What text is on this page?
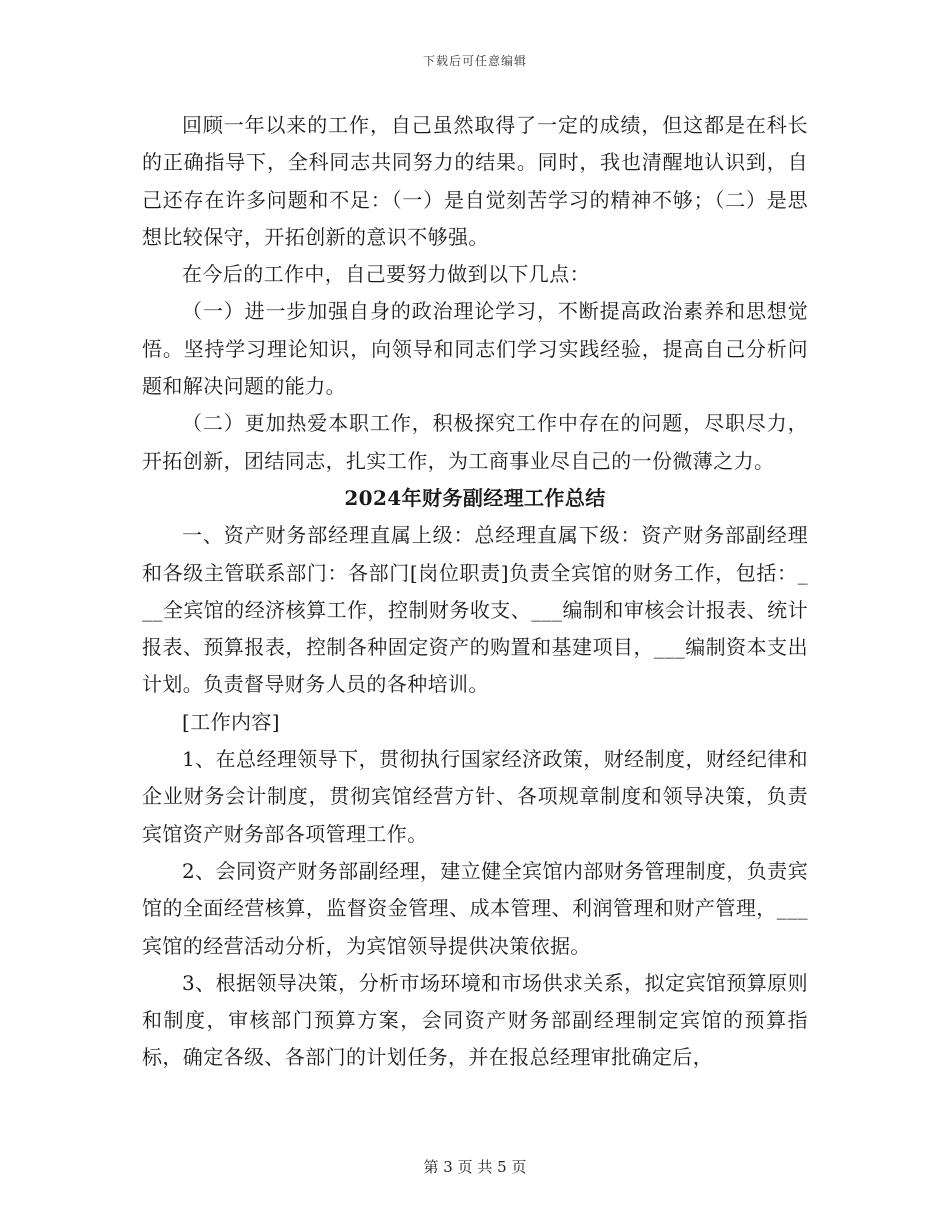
下载后可任意编辑

回顾一年以来的工作，自己虽然取得了一定的成绩，但这都是在科长的正确指导下，全科同志共同努力的结果。同时，我也清醒地认识到，自己还存在许多问题和不足：（一）是自觉刻苦学习的精神不够；（二）是思想比较保守，开拓创新的意识不够强。

在今后的工作中，自己要努力做到以下几点：

（一）进一步加强自身的政治理论学习，不断提高政治素养和思想觉悟。坚持学习理论知识，向领导和同志们学习实践经验，提高自己分析问题和解决问题的能力。

（二）更加热爱本职工作，积极探究工作中存在的问题，尽职尽力，开拓创新，团结同志，扎实工作，为工商事业尽自己的一份微薄之力。

2024年财务副经理工作总结

一、资产财务部经理直属上级：总经理直属下级：资产财务部副经理和各级主管联系部门：各部门[岗位职责]负责全宾馆的财务工作，包括：___全宾馆的经济核算工作，控制财务收支、___编制和审核会计报表、统计报表、预算报表，控制各种固定资产的购置和基建项目，___编制资本支出计划。负责督导财务人员的各种培训。

[工作内容]

1、在总经理领导下，贯彻执行国家经济政策，财经制度，财经纪律和企业财务会计制度，贯彻宾馆经营方针、各项规章制度和领导决策，负责宾馆资产财务部各项管理工作。

2、会同资产财务部副经理，建立健全宾馆内部财务管理制度，负责宾馆的全面经营核算，监督资金管理、成本管理、利润管理和财产管理，___宾馆的经营活动分析，为宾馆领导提供决策依据。

3、根据领导决策，分析市场环境和市场供求关系，拟定宾馆预算原则和制度，审核部门预算方案，会同资产财务部副经理制定宾馆的预算指标，确定各级、各部门的计划任务，并在报总经理审批确定后，

第 3 页 共 5 页
